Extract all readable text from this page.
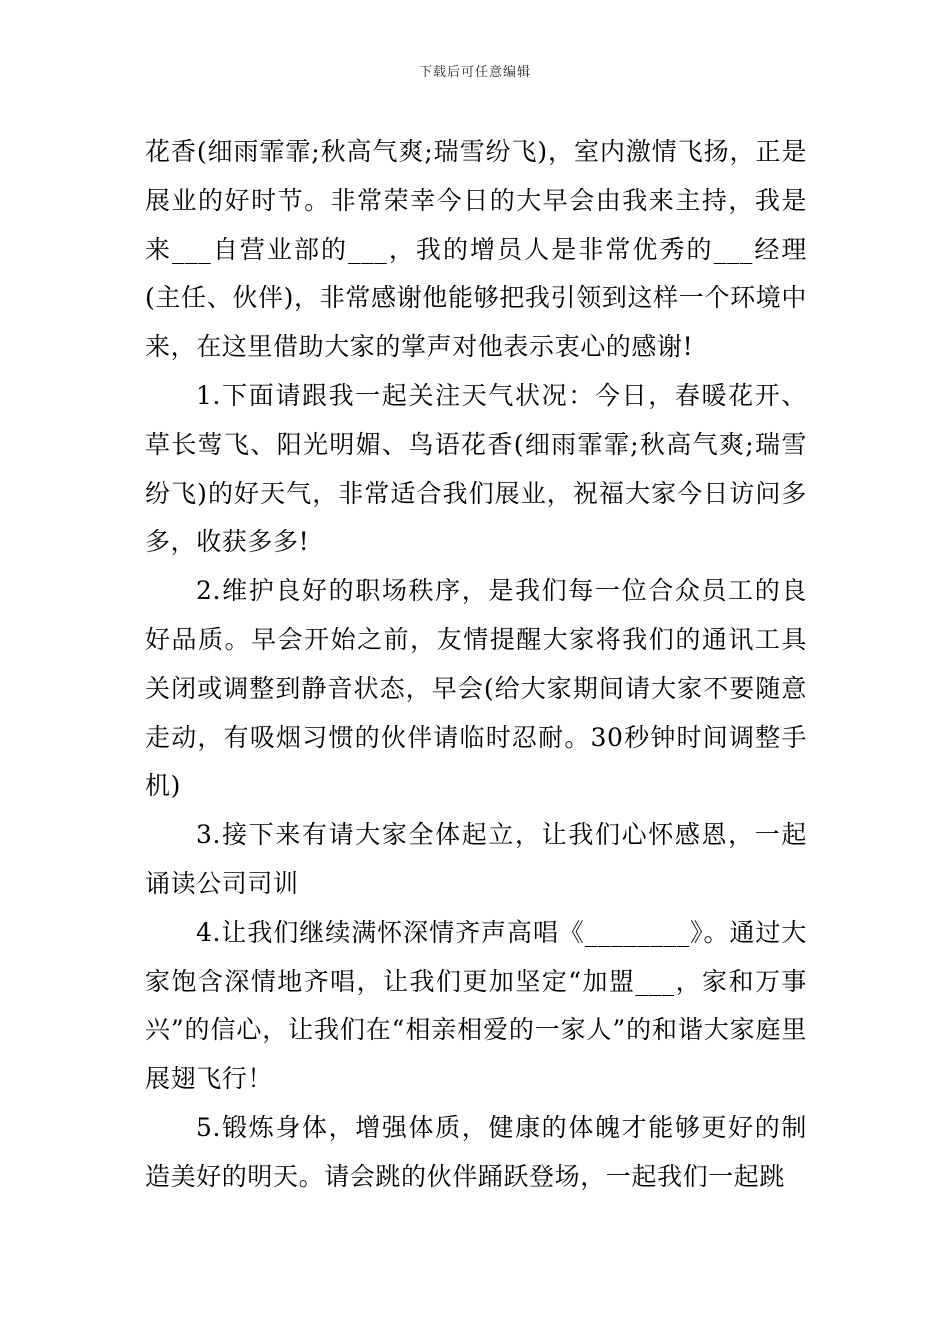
下载后可任意编辑

花香(细雨霏霏;秋高气爽;瑞雪纷飞)，室内激情飞扬，正是展业的好时节。非常荣幸今日的大早会由我来主持，我是来___自营业部的___，我的增员人是非常优秀的___经理(主任、伙伴)，非常感谢他能够把我引领到这样一个环境中来，在这里借助大家的掌声对他表示衷心的感谢!

1.下面请跟我一起关注天气状况：今日，春暖花开、草长莺飞、阳光明媚、鸟语花香(细雨霏霏;秋高气爽;瑞雪纷飞)的好天气，非常适合我们展业，祝福大家今日访问多多，收获多多!

2.维护良好的职场秩序，是我们每一位合众员工的良好品质。早会开始之前，友情提醒大家将我们的通讯工具关闭或调整到静音状态，早会(给大家期间请大家不要随意走动，有吸烟习惯的伙伴请临时忍耐。30秒钟时间调整手机)

3.接下来有请大家全体起立，让我们心怀感恩，一起诵读公司司训

4.让我们继续满怀深情齐声高唱《________》。通过大家饱含深情地齐唱，让我们更加坚定“加盟___，家和万事兴”的信心，让我们在“相亲相爱的一家人”的和谐大家庭里展翅飞行！

5.锻炼身体，增强体质，健康的体魄才能够更好的制造美好的明天。请会跳的伙伴踊跃登场，一起我们一起跳
